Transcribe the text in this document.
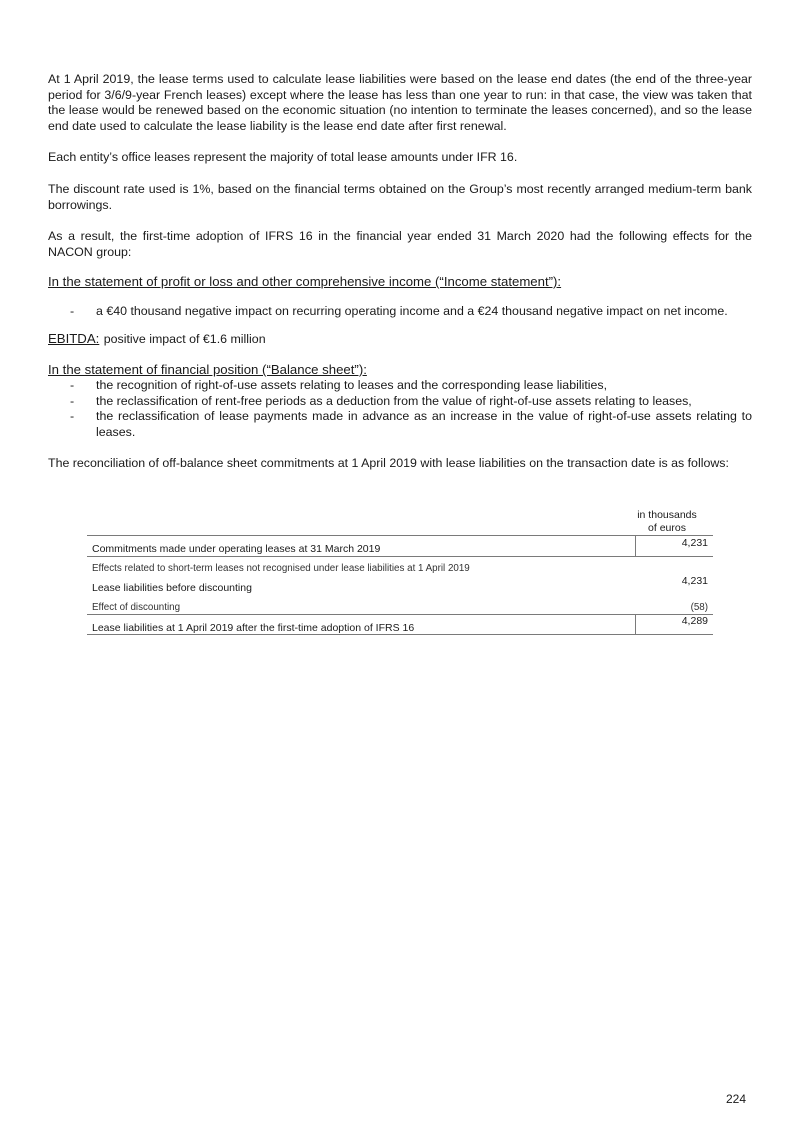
At 1 April 2019, the lease terms used to calculate lease liabilities were based on the lease end dates (the end of the three-year period for 3/6/9-year French leases) except where the lease has less than one year to run: in that case, the view was taken that the lease would be renewed based on the economic situation (no intention to terminate the leases concerned), and so the lease end date used to calculate the lease liability is the lease end date after first renewal.

Each entity’s office leases represent the majority of total lease amounts under IFR 16.

The discount rate used is 1%, based on the financial terms obtained on the Group’s most recently arranged medium-term bank borrowings.

As a result, the first-time adoption of IFRS 16 in the financial year ended 31 March 2020 had the following effects for the NACON group:

In the statement of profit or loss and other comprehensive income (“Income statement”):
- a €40 thousand negative impact on recurring operating income and a €24 thousand negative impact on net income.
EBITDA: positive impact of €1.6 million
In the statement of financial position (“Balance sheet”):
- the recognition of right-of-use assets relating to leases and the corresponding lease liabilities,
- the reclassification of rent-free periods as a deduction from the value of right-of-use assets relating to leases,
- the reclassification of lease payments made in advance as an increase in the value of right-of-use assets relating to leases.

The reconciliation of off-balance sheet commitments at 1 April 2019 with lease liabilities on the transaction date is as follows:

in thousands
of euros
Commitments made under operating leases at 31 March 2019	4,231
Effects related to short-term leases not recognised under lease liabilities at 1 April 2019
Lease liabilities before discounting
4,231
Effect of discounting	(58)
Lease liabilities at 1 April 2019 after the first-time adoption of IFRS 16
4,289
224
